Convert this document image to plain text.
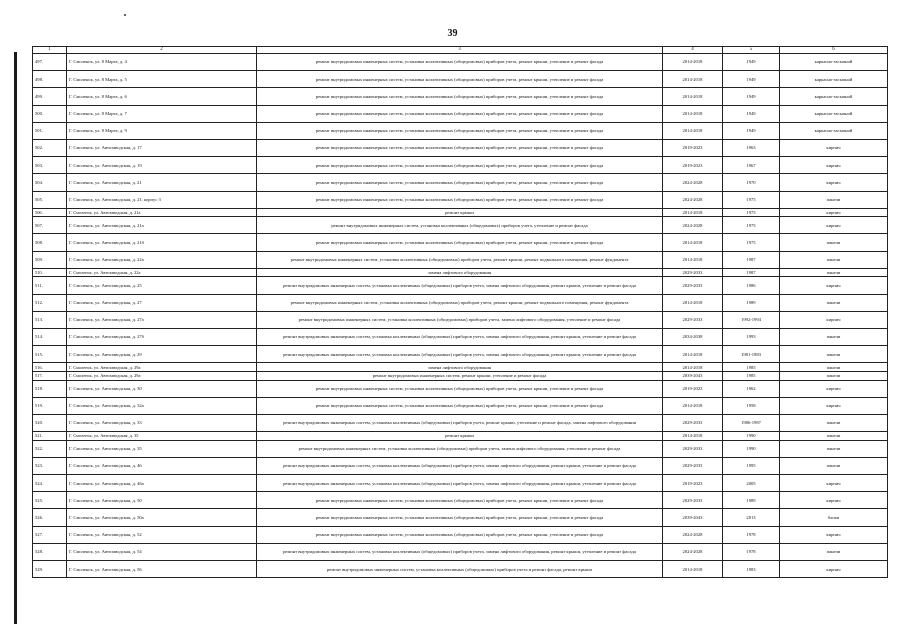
39
1	2	3	4	5	6
497.	Г. Смоленск, ул. 8 Марта, д. 4	ремонт внутридомовых инженерных систем, установка коллективных (общедомовых) приборов учета, ремонт крыши, утепление и ремонт фасада	2014-2018	1949	каркасно-засыпной
498.	Г. Смоленск, ул. 8 Марта, д. 5	ремонт внутридомовых инженерных систем, установка коллективных (общедомовых) приборов учета, ремонт крыши, утепление и ремонт фасада	2014-2018	1949	каркасно-засыпной
499.	Г. Смоленск, ул. 8 Марта, д. 6	ремонт внутридомовых инженерных систем, установка коллективных (общедомовых) приборов учета, ремонт крыши, утепление и ремонт фасада	2014-2018	1949	каркасно-засыпной
500.	Г. Смоленск, ул. 8 Марта, д. 7	ремонт внутридомовых инженерных систем, установка коллективных (общедомовых) приборов учета, ремонт крыши, утепление и ремонт фасада	2014-2018	1949	каркасно-засыпной
501.	Г. Смоленск, ул. 8 Марта, д. 9	ремонт внутридомовых инженерных систем, установка коллективных (общедомовых) приборов учета, ремонт крыши, утепление и ремонт фасада	2014-2018	1949	каркасно-засыпной
502.	Г. Смоленск, ул. Автозаводская, д. 17	ремонт внутридомовых инженерных систем, установка коллективных (общедомовых) приборов учета, ремонт крыши, утепление и ремонт фасада	2019-2023	1963	кирпич
503.	Г. Смоленск, ул. Автозаводская, д. 19	ремонт внутридомовых инженерных систем, установка коллективных (общедомовых) приборов учета, ремонт крыши, утепление и ремонт фасада	2019-2023	1967	кирпич
504.	Г. Смоленск, ул. Автозаводская, д. 21	ремонт внутридомовых инженерных систем, установка коллективных (общедомовых) приборов учета, ремонт крыши, утепление и ремонт фасада	2024-2028	1970	кирпич
505.	Г. Смоленск, ул. Автозаводская, д. 21, корпус 3	ремонт внутридомовых инженерных систем, установка коллективных (общедомовых) приборов учета, ремонт крыши, утепление и ремонт фасада	2024-2028	1975	панели
506.	Г. Смоленск, ул. Автозаводская, д. 21а	ремонт крыши	2014-2018	1975	кирпич
507.	Г. Смоленск, ул. Автозаводская, д. 21а	ремонт внутридомовых инженерных систем, установка коллективных (общедомовых) приборов учета, утепление и ремонт фасада	2024-2028	1975	кирпич
508.	Г. Смоленск, ул. Автозаводская, д. 21б	ремонт внутридомовых инженерных систем, установка коллективных (общедомовых) приборов учета, ремонт крыши, утепление и ремонт фасада	2014-2018	1975	панели
509.	Г. Смоленск, ул. Автозаводская, д. 22а	ремонт внутридомовых инженерных систем, установка коллективных (общедомовых) приборов учета, ремонт крыши, ремонт подвального помещения, ремонт фундамента	2014-2018	1987	панели
510.	Г. Смоленск, ул. Автозаводская, д. 22а	замена лифтового оборудования	2029-2033	1987	панели
511.	Г. Смоленск, ул. Автозаводская, д. 25	ремонт внутридомовых инженерных систем, установка коллективных (общедомовых) приборов учета, замена лифтового оборудования, ремонт крыши, утепление и ремонт фасада	2029-2033	1986	кирпич
512.	Г. Смоленск, ул. Автозаводская, д. 27	ремонт внутридомовых инженерных систем, установка коллективных (общедомовых) приборов учета, ремонт крыши, ремонт подвального помещения, ремонт фундамента	2014-2018	1989	панели
513.	Г. Смоленск, ул. Автозаводская, д. 27а	ремонт внутридомовых инженерных систем, установка коллективных (общедомовых) приборов учета, замена лифтового оборудования, утепление и ремонт фасада	2029-2033	1992-1994	кирпич
514.	Г. Смоленск, ул. Автозаводская, д. 27б	ремонт внутридомовых инженерных систем, установка коллективных (общедомовых) приборов учета, замена лифтового оборудования, ремонт крыши, утепление и ремонт фасада	2034-2038	1993	панели
515.	Г. Смоленск, ул. Автозаводская, д. 29	ремонт внутридомовых инженерных систем, установка коллективных (общедомовых) приборов учета, замена лифтового оборудования, ремонт крыши, утепление и ремонт фасада	2014-2018	1981-1983	панели
516.	Г. Смоленск, ул. Автозаводская, д. 29а	замена лифтового оборудования	2014-2018	1985	панели
517.	Г. Смоленск, ул. Автозаводская, д. 29а	ремонт внутридомовых инженерных систем, ремонт крыши, утепление и ремонт фасада	2039-2043	1985	панели
518.	Г. Смоленск, ул. Автозаводская, д. 30	ремонт внутридомовых инженерных систем, установка коллективных (общедомовых) приборов учета, ремонт крыши, утепление и ремонт фасада	2019-2023	1962	кирпич
519.	Г. Смоленск, ул. Автозаводская, д. 32а	ремонт внутридомовых инженерных систем, установка коллективных (общедомовых) приборов учета, ремонт крыши, утепление и ремонт фасада	2014-2018	1958	кирпич
520.	Г. Смоленск, ул. Автозаводская, д. 33	ремонт внутридомовых инженерных систем, установка коллективных (общедомовых) приборов учета, ремонт крыши, утепление и ремонт фасада, замена лифтового оборудования	2029-2033	1986-1987	панели
521.	Г. Смоленск, ул. Автозаводская, д. 35	ремонт крыши	2014-2018	1990	панели
522.	Г. Смоленск, ул. Автозаводская, д. 35	ремонт внутридомовых инженерных систем, установка коллективных (общедомовых) приборов учета, замена лифтового оборудования, утепление и ремонт фасада	2029-2033	1990	панели
523.	Г. Смоленск, ул. Автозаводская, д. 46	ремонт внутридомовых инженерных систем, установка коллективных (общедомовых) приборов учета, замена лифтового оборудования, ремонт крыши, утепление и ремонт фасада	2029-2033	1995	панели
524.	Г. Смоленск, ул. Автозаводская, д. 46а	ремонт внутридомовых инженерных систем, установка коллективных (общедомовых) приборов учета, замена лифтового оборудования, ремонт крыши, утепление и ремонт фасада	2019-2023	2005	кирпич
525.	Г. Смоленск, ул. Автозаводская, д. 50	ремонт внутридомовых инженерных систем, установка коллективных (общедомовых) приборов учета, ремонт крыши, утепление и ремонт фасада	2029-2033	1989	кирпич
526.	Г. Смоленск, ул. Автозаводская, д. 50а	ремонт внутридомовых инженерных систем, установка коллективных (общедомовых) приборов учета, ремонт крыши, утепление и ремонт фасада	2039-2043	2013	блоки
527.	Г. Смоленск, ул. Автозаводская, д. 52	ремонт внутридомовых инженерных систем, установка коллективных (общедомовых) приборов учета, ремонт крыши, утепление и ремонт фасада	2024-2028	1978	кирпич
528.	Г. Смоленск, ул. Автозаводская, д. 54	ремонт внутридомовых инженерных систем, установка коллективных (общедомовых) приборов учета, замена лифтового оборудования, ремонт крыши, утепление и ремонт фасада	2024-2028	1978	панели
529.	Г. Смоленск, ул. Автозаводская, д. 56	ремонт внутридомовых инженерных систем, установка коллективных (общедомовых) приборов учета и ремонт фасада, ремонт крыши	2014-2018	1983	кирпич
